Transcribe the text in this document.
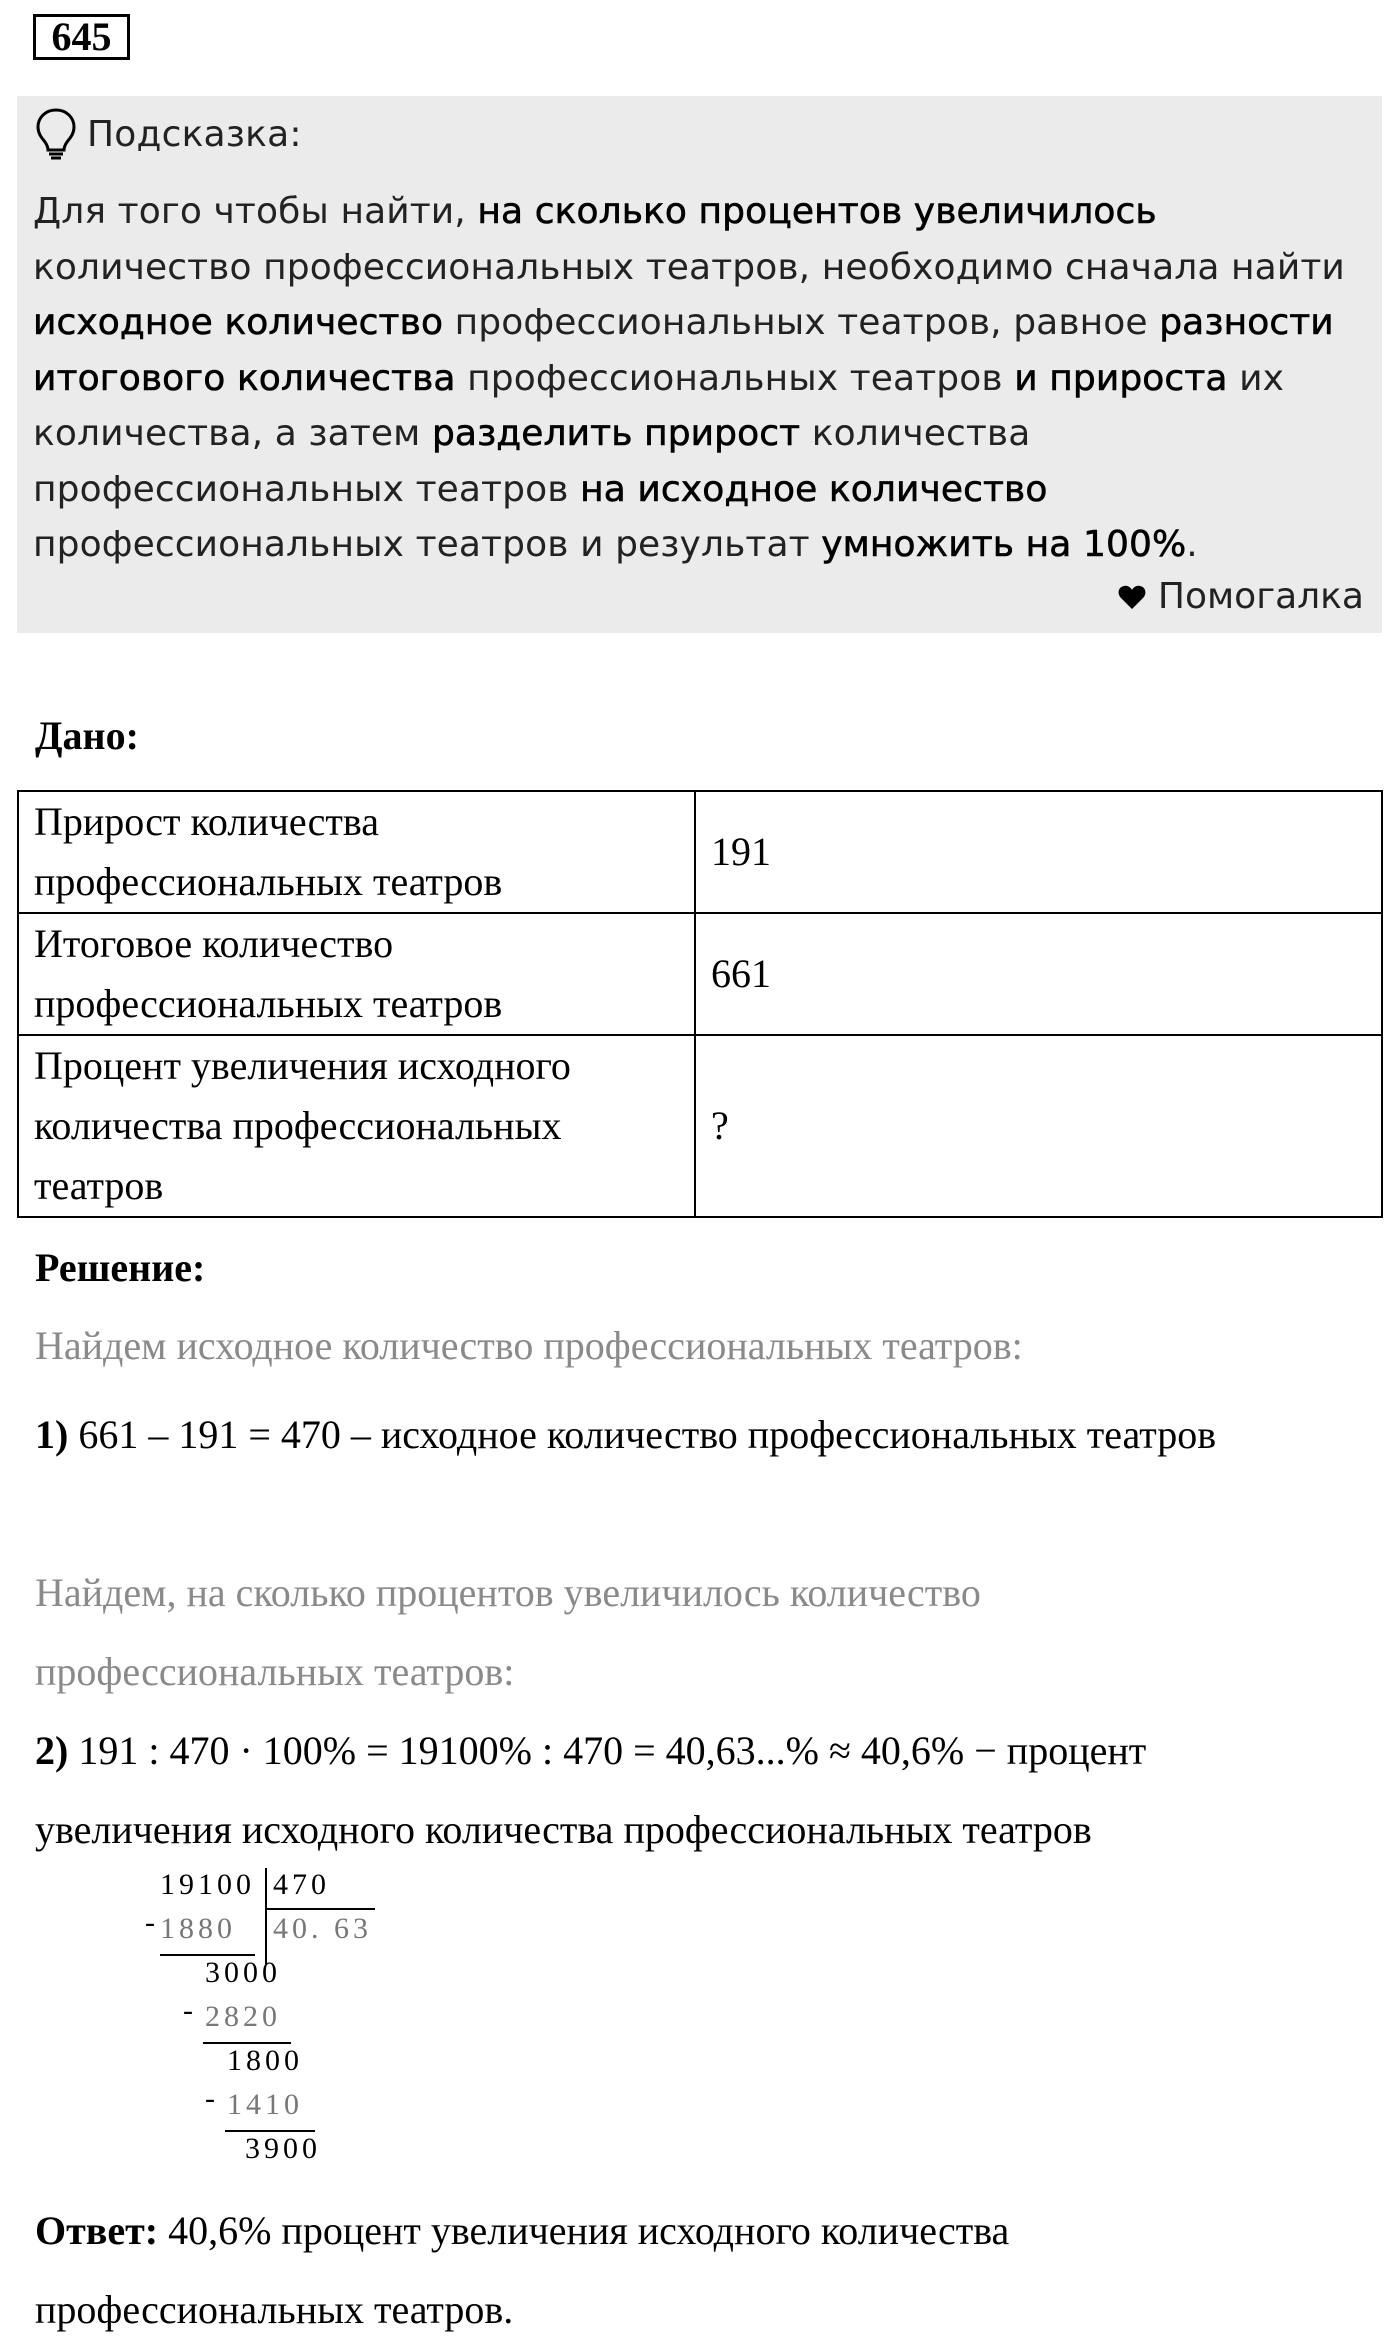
645
Подсказка:
Для того чтобы найти, на сколько процентов увеличилось количество профессиональных театров, необходимо сначала найти исходное количество профессиональных театров, равное разности итогового количества профессиональных театров и прироста их количества, а затем разделить прирост количества профессиональных театров на исходное количество профессиональных театров и результат умножить на 100%.
Помогалка
Дано:
Прирост количества профессиональных театров	191
Итоговое количество профессиональных театров	661
Процент увеличения исходного количества профессиональных театров	?
Решение:
Найдем исходное количество профессиональных театров:
1) 661 – 191 = 470 – исходное количество профессиональных театров
Найдем, на сколько процентов увеличилось количество профессиональных театров:
2) 191 : 470 · 100% = 19100% : 470 = 40,63...% ≈ 40,6% − процент увеличения исходного количества профессиональных театров
19100 470
- 1880 40. 63
3000
- 2820
1800
- 1410
3900
Ответ: 40,6% процент увеличения исходного количества профессиональных театров.
